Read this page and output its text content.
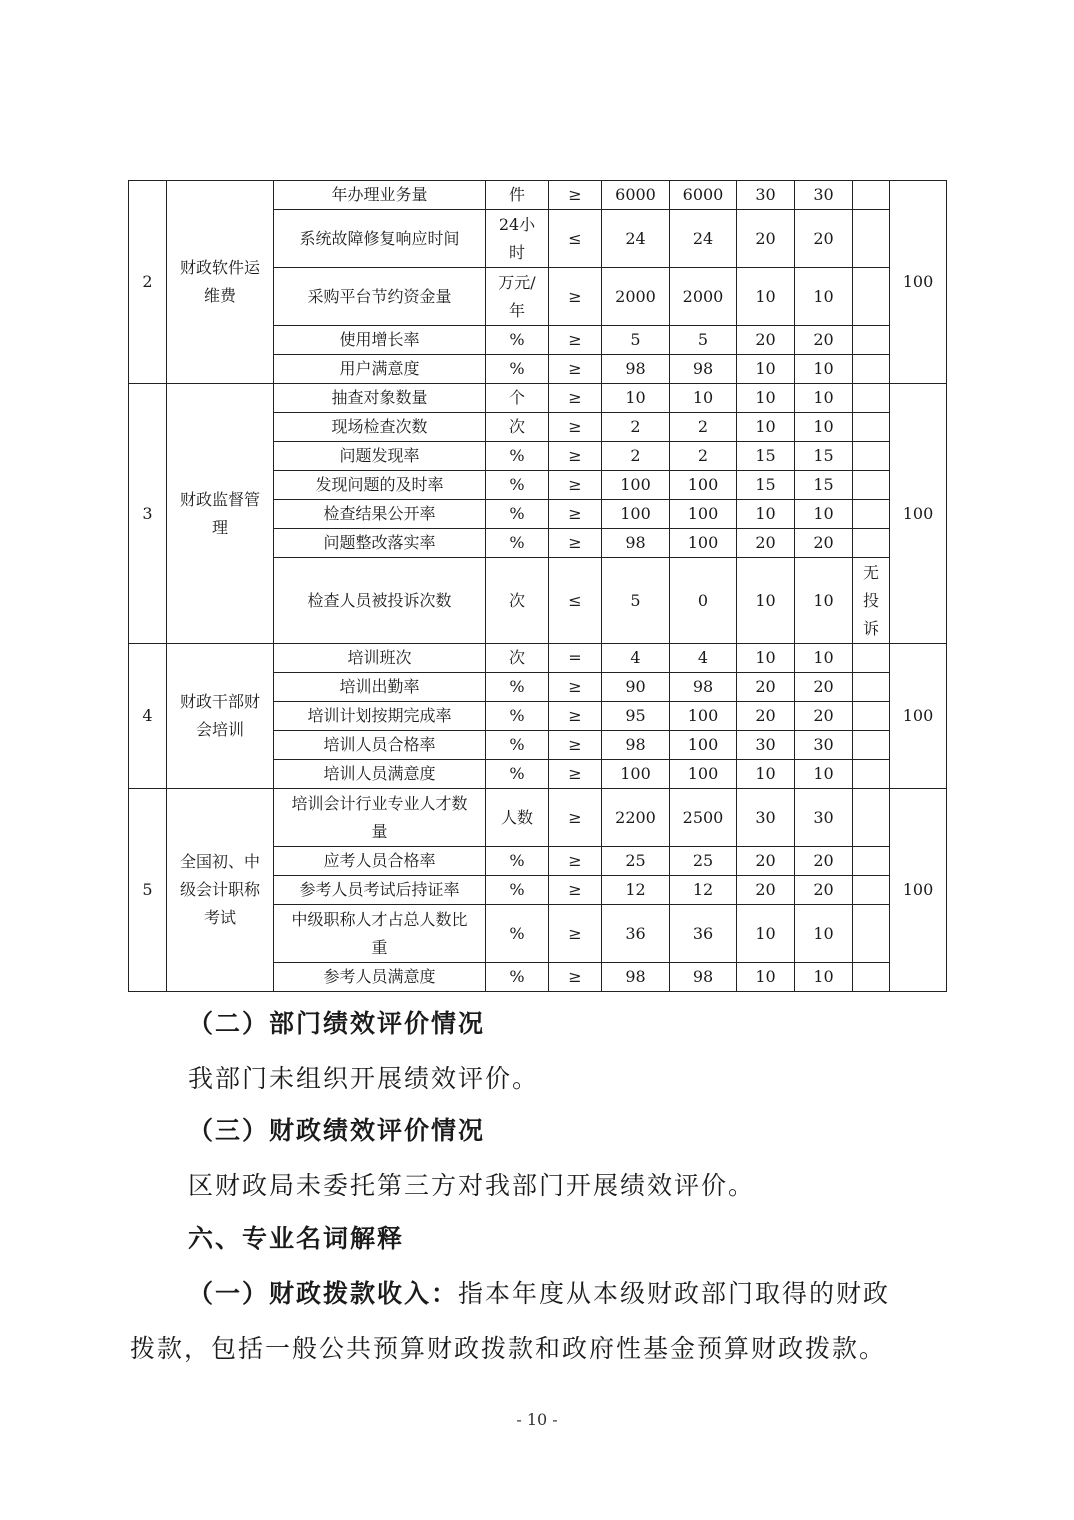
2	财政软件运维费	年办理业务量	件	≥	6000	6000	30	30		100
		系统故障修复响应时间	24小时	≤	24	24	20	20		
		采购平台节约资金量	万元/年	≥	2000	2000	10	10		
		使用增长率	%	≥	5	5	20	20		
		用户满意度	%	≥	98	98	10	10		
3	财政监督管理	抽查对象数量	个	≥	10	10	10	10		100
		现场检查次数	次	≥	2	2	10	10		
		问题发现率	%	≥	2	2	15	15		
		发现问题的及时率	%	≥	100	100	15	15		
		检查结果公开率	%	≥	100	100	10	10		
		问题整改落实率	%	≥	98	100	20	20		
		检查人员被投诉次数	次	≤	5	0	10	10	无投诉	
4	财政干部财会培训	培训班次	次	=	4	4	10	10		100
		培训出勤率	%	≥	90	98	20	20		
		培训计划按期完成率	%	≥	95	100	20	20		
		培训人员合格率	%	≥	98	100	30	30		
		培训人员满意度	%	≥	100	100	10	10		
5	全国初、中级会计职称考试	培训会计行业专业人才数量	人数	≥	2200	2500	30	30		100
		应考人员合格率	%	≥	25	25	20	20		
		参考人员考试后持证率	%	≥	12	12	20	20		
		中级职称人才占总人数比重	%	≥	36	36	10	10		
		参考人员满意度	%	≥	98	98	10	10		
（二）部门绩效评价情况
我部门未组织开展绩效评价。
（三）财政绩效评价情况
区财政局未委托第三方对我部门开展绩效评价。
六、专业名词解释
（一）财政拨款收入：指本年度从本级财政部门取得的财政
拨款，包括一般公共预算财政拨款和政府性基金预算财政拨款。
- 10 -
